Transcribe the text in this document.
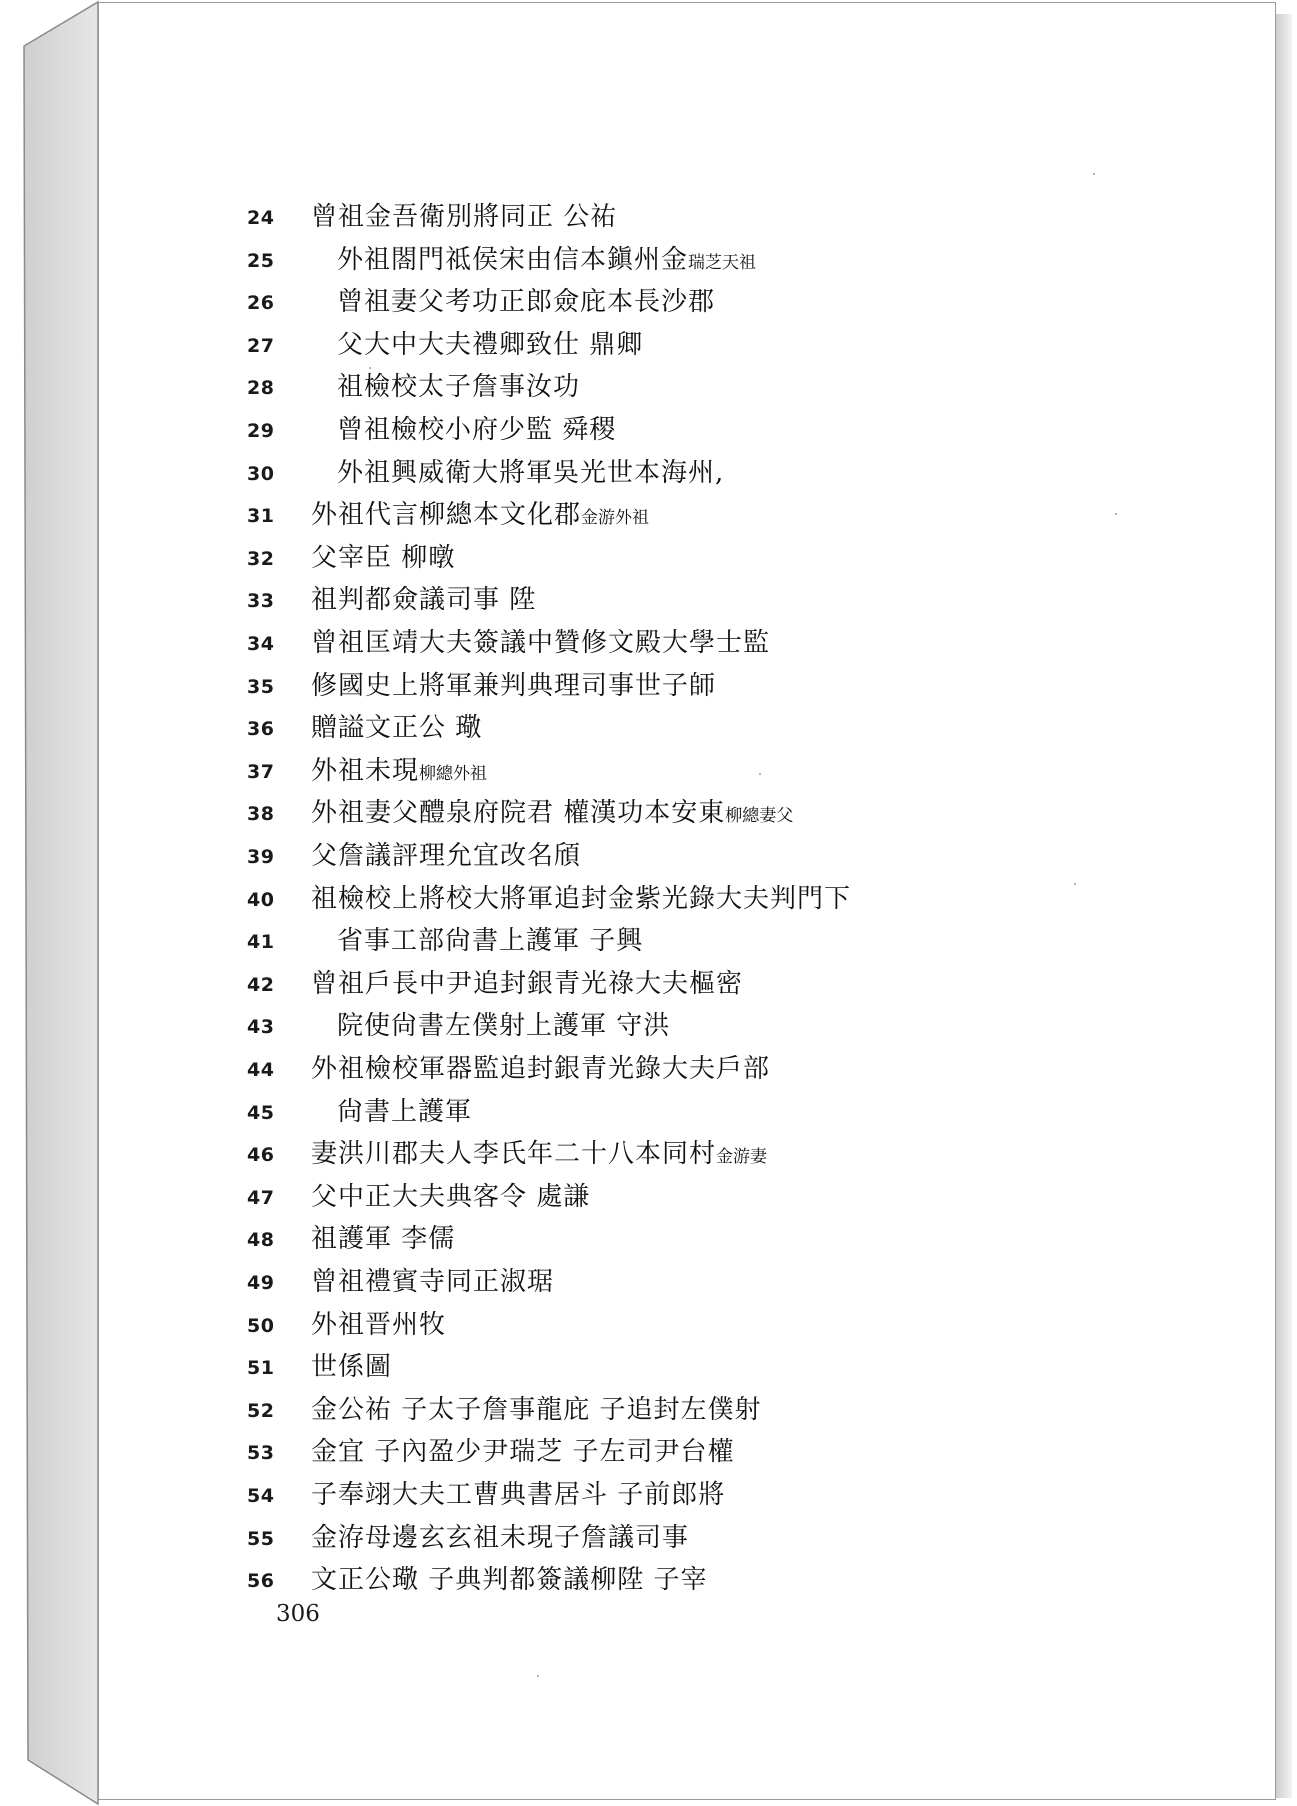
24	曾祖金吾衛別將同正 公祐
25	外祖閤門祗侯宋由信本鎭州金瑞芝天祖
26	曾祖妻父考功正郎僉庇本長沙郡
27	父大中大夫禮卿致仕 鼎卿
28	祖檢校太子詹事汝功
29	曾祖檢校小府少監 舜稷
30	外祖興威衛大將軍吳光世本海州,
31	外祖代言柳總本文化郡金游外祖
32	父宰臣 柳暾
33	祖判都僉議司事 陞
34	曾祖匡靖大夫簽議中贊修文殿大學士監
35	修國史上將軍兼判典理司事世子師
36	贈謚文正公 璥
37	外祖未現柳總外祖
38	外祖妻父醴泉府院君 權漢功本安東柳總妻父
39	父詹議評理允宜改名頎
40	祖檢校上將校大將軍追封金紫光錄大夫判門下
41	省事工部尙書上護軍 子興
42	曾祖戶長中尹追封銀青光祿大夫樞密
43	院使尙書左僕射上護軍 守洪
44	外祖檢校軍器監追封銀青光錄大夫戶部
45	尙書上護軍
46	妻洪川郡夫人李氏年二十八本同村金游妻
47	父中正大夫典客令 處謙
48	祖護軍 李儒
49	曾祖禮賓寺同正淑琚
50	外祖晋州牧
51	世係圖
52	金公祐 子太子詹事龍庇 子追封左僕射
53	金宜 子內盈少尹瑞芝 子左司尹台權
54	子奉翊大夫工曹典書居斗 子前郎將
55	金洊母邊玄玄祖未現子詹議司事
56	文正公璥 子典判都簽議柳陞 子宰
306
